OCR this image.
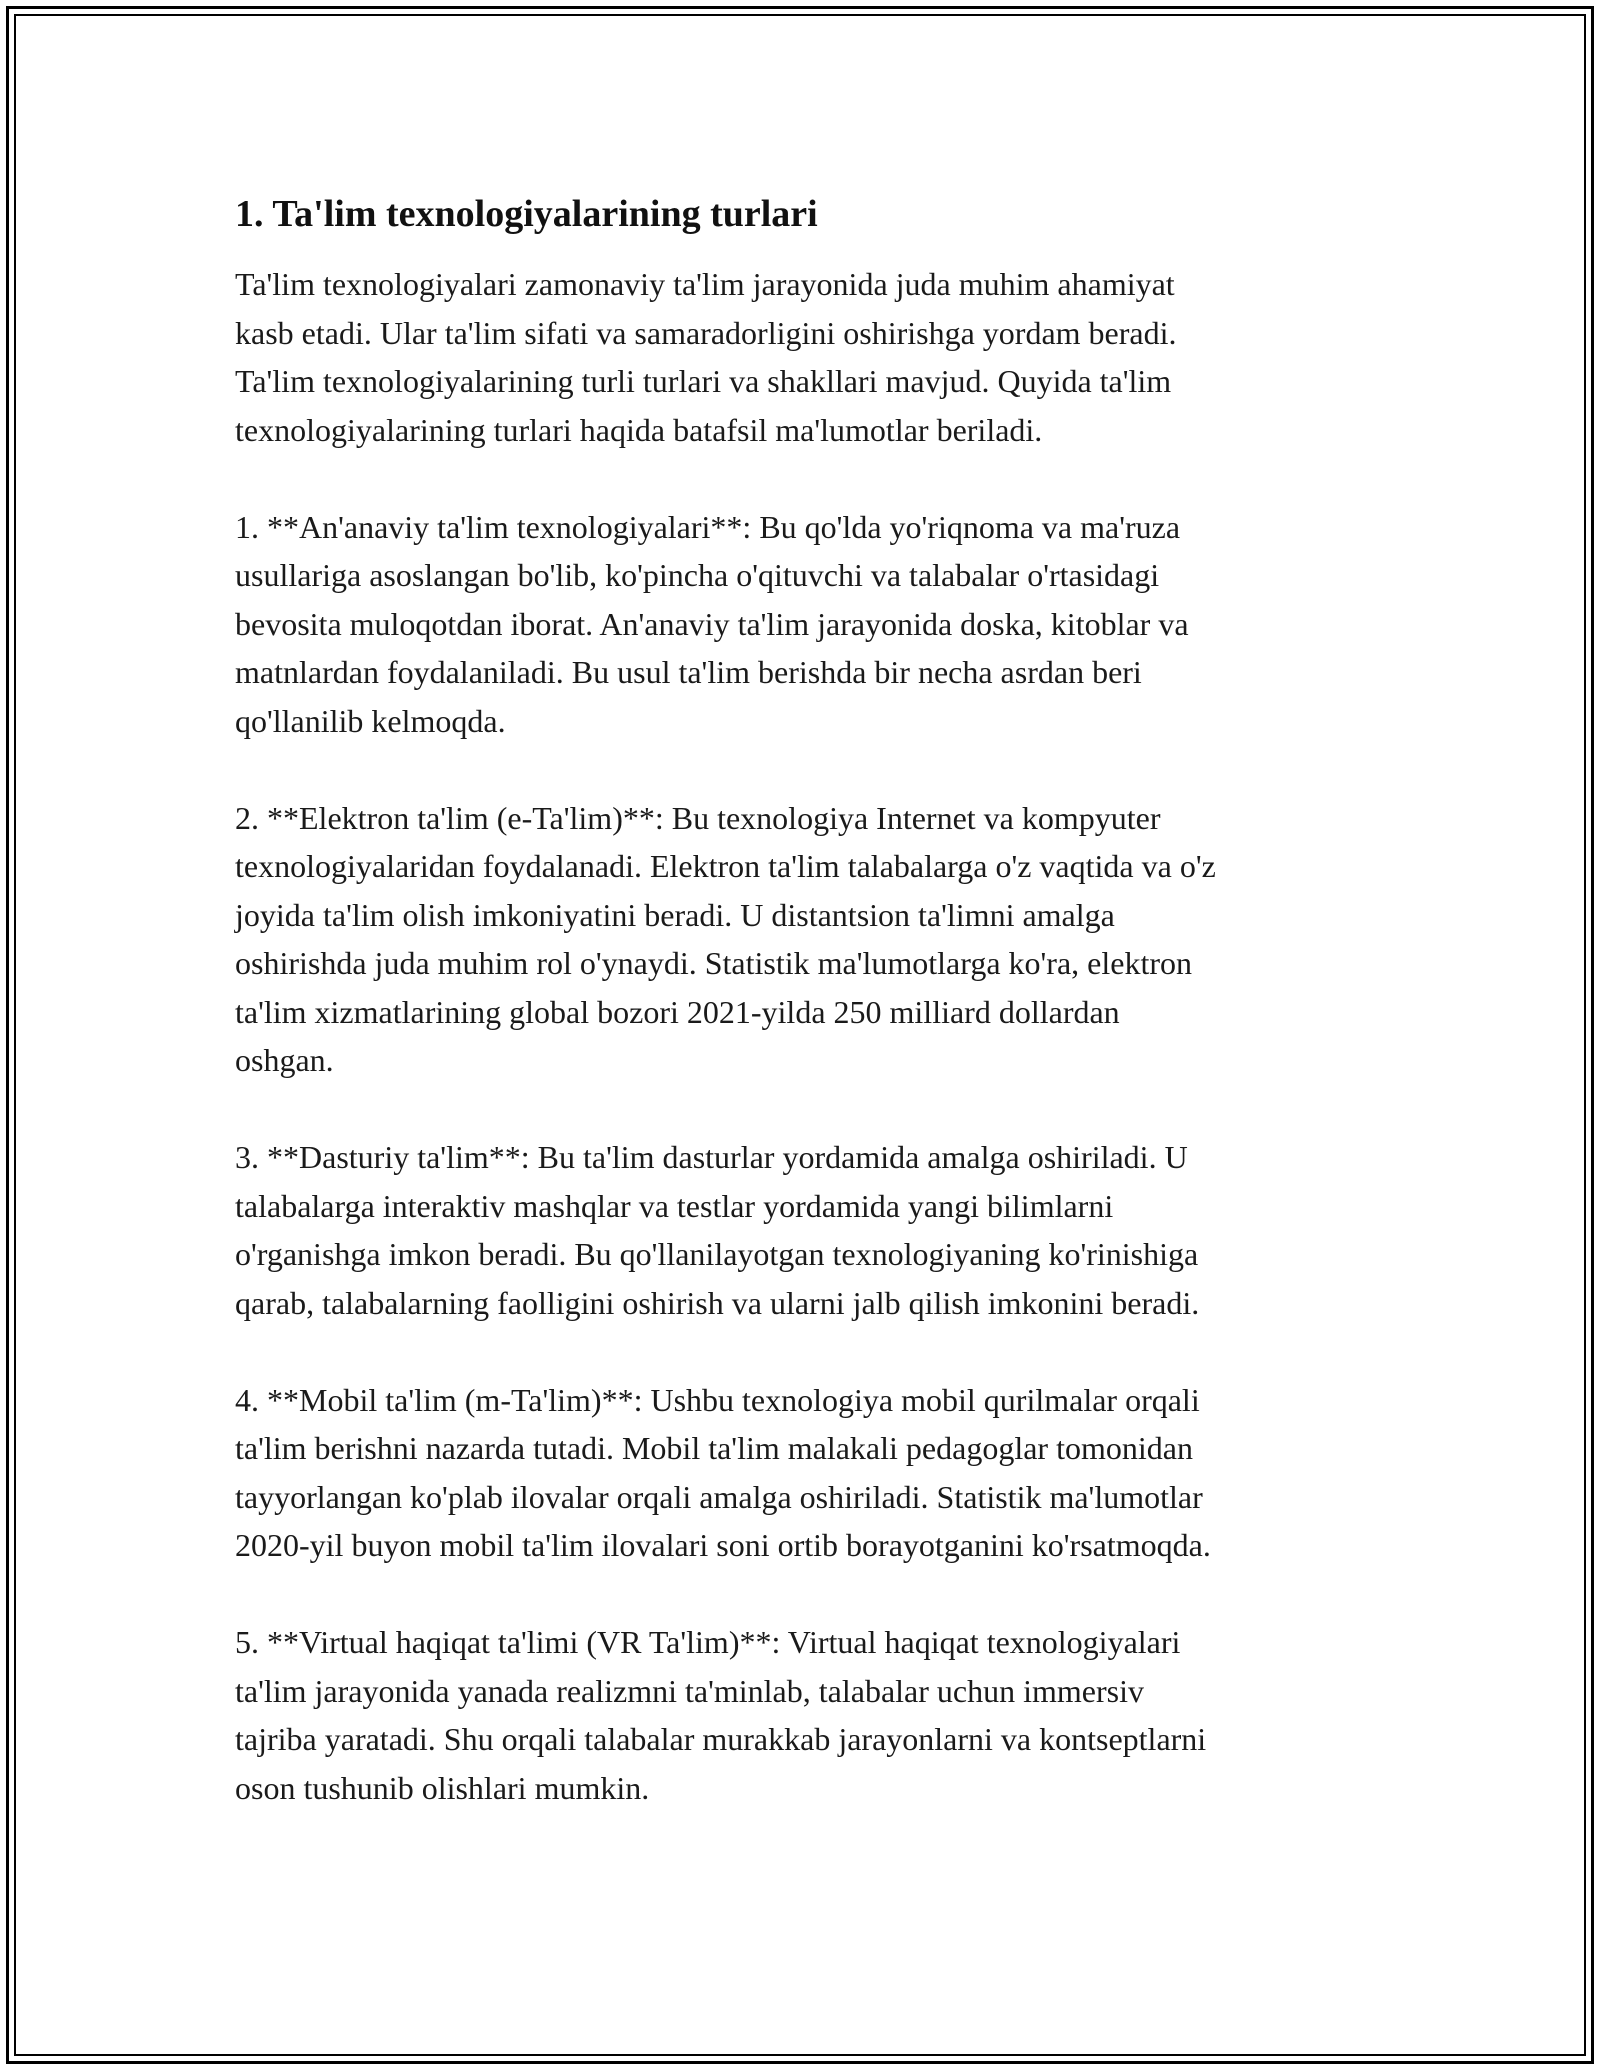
1. Ta'lim texnologiyalarining turlari

Ta'lim texnologiyalari zamonaviy ta'lim jarayonida juda muhim ahamiyat
kasb etadi. Ular ta'lim sifati va samaradorligini oshirishga yordam beradi.
Ta'lim texnologiyalarining turli turlari va shakllari mavjud. Quyida ta'lim
texnologiyalarining turlari haqida batafsil ma'lumotlar beriladi.

1. **An'anaviy ta'lim texnologiyalari**: Bu qo'lda yo'riqnoma va ma'ruza
usullariga asoslangan bo'lib, ko'pincha o'qituvchi va talabalar o'rtasidagi
bevosita muloqotdan iborat. An'anaviy ta'lim jarayonida doska, kitoblar va
matnlardan foydalaniladi. Bu usul ta'lim berishda bir necha asrdan beri
qo'llanilib kelmoqda.

2. **Elektron ta'lim (e-Ta'lim)**: Bu texnologiya Internet va kompyuter
texnologiyalaridan foydalanadi. Elektron ta'lim talabalarga o'z vaqtida va o'z
joyida ta'lim olish imkoniyatini beradi. U distantsion ta'limni amalga
oshirishda juda muhim rol o'ynaydi. Statistik ma'lumotlarga ko'ra, elektron
ta'lim xizmatlarining global bozori 2021-yilda 250 milliard dollardan
oshgan.

3. **Dasturiy ta'lim**: Bu ta'lim dasturlar yordamida amalga oshiriladi. U
talabalarga interaktiv mashqlar va testlar yordamida yangi bilimlarni
o'rganishga imkon beradi. Bu qo'llanilayotgan texnologiyaning ko'rinishiga
qarab, talabalarning faolligini oshirish va ularni jalb qilish imkonini beradi.

4. **Mobil ta'lim (m-Ta'lim)**: Ushbu texnologiya mobil qurilmalar orqali
ta'lim berishni nazarda tutadi. Mobil ta'lim malakali pedagoglar tomonidan
tayyorlangan ko'plab ilovalar orqali amalga oshiriladi. Statistik ma'lumotlar
2020-yil buyon mobil ta'lim ilovalari soni ortib borayotganini ko'rsatmoqda.

5. **Virtual haqiqat ta'limi (VR Ta'lim)**: Virtual haqiqat texnologiyalari
ta'lim jarayonida yanada realizmni ta'minlab, talabalar uchun immersiv
tajriba yaratadi. Shu orqali talabalar murakkab jarayonlarni va kontseptlarni
oson tushunib olishlari mumkin.
